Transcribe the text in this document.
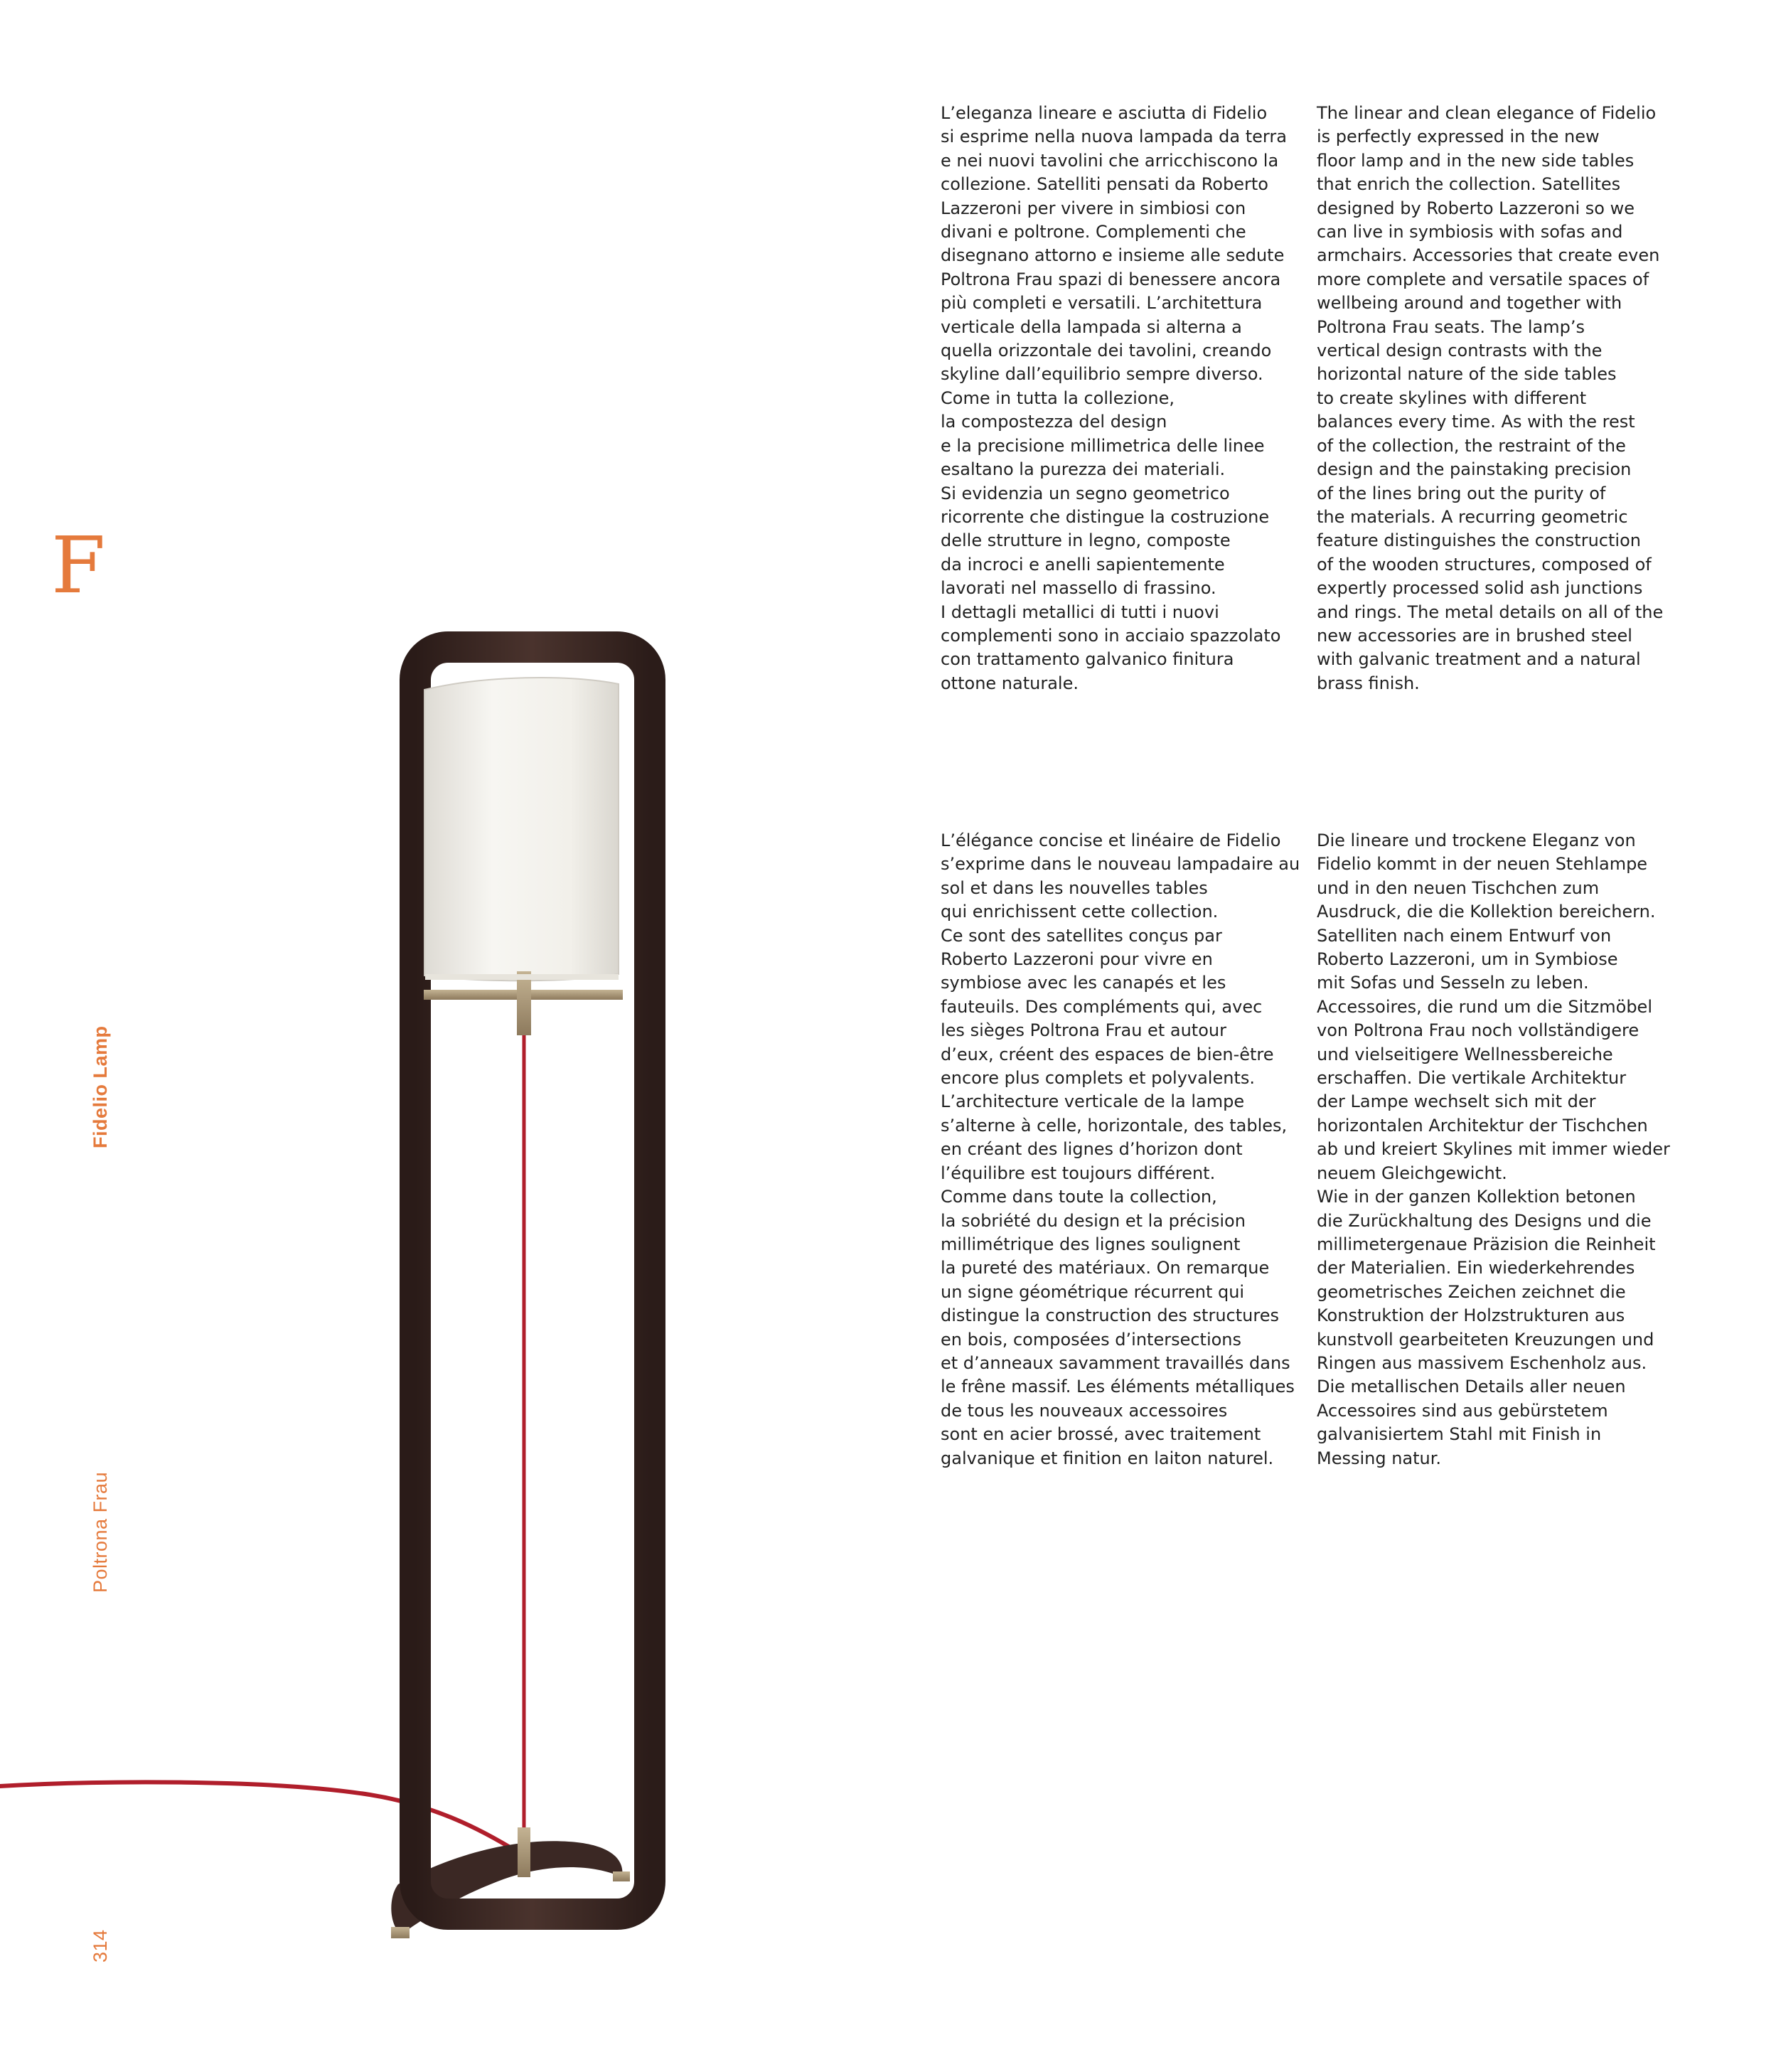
F
Fidelio Lamp
Poltrona Frau
314

L’eleganza lineare e asciutta di Fidelio
si esprime nella nuova lampada da terra
e nei nuovi tavolini che arricchiscono la
collezione. Satelliti pensati da Roberto
Lazzeroni per vivere in simbiosi con
divani e poltrone. Complementi che
disegnano attorno e insieme alle sedute
Poltrona Frau spazi di benessere ancora
più completi e versatili. L’architettura
verticale della lampada si alterna a
quella orizzontale dei tavolini, creando
skyline dall’equilibrio sempre diverso.
Come in tutta la collezione,
la compostezza del design
e la precisione millimetrica delle linee
esaltano la purezza dei materiali.
Si evidenzia un segno geometrico
ricorrente che distingue la costruzione
delle strutture in legno, composte
da incroci e anelli sapientemente
lavorati nel massello di frassino.
I dettagli metallici di tutti i nuovi
complementi sono in acciaio spazzolato
con trattamento galvanico finitura
ottone naturale.

The linear and clean elegance of Fidelio
is perfectly expressed in the new
floor lamp and in the new side tables
that enrich the collection. Satellites
designed by Roberto Lazzeroni so we
can live in symbiosis with sofas and
armchairs. Accessories that create even
more complete and versatile spaces of
wellbeing around and together with
Poltrona Frau seats. The lamp’s
vertical design contrasts with the
horizontal nature of the side tables
to create skylines with different
balances every time. As with the rest
of the collection, the restraint of the
design and the painstaking precision
of the lines bring out the purity of
the materials. A recurring geometric
feature distinguishes the construction
of the wooden structures, composed of
expertly processed solid ash junctions
and rings. The metal details on all of the
new accessories are in brushed steel
with galvanic treatment and a natural
brass finish.

L’élégance concise et linéaire de Fidelio
s’exprime dans le nouveau lampadaire au
sol et dans les nouvelles tables
qui enrichissent cette collection.
Ce sont des satellites conçus par
Roberto Lazzeroni pour vivre en
symbiose avec les canapés et les
fauteuils. Des compléments qui, avec
les sièges Poltrona Frau et autour
d’eux, créent des espaces de bien-être
encore plus complets et polyvalents.
L’architecture verticale de la lampe
s’alterne à celle, horizontale, des tables,
en créant des lignes d’horizon dont
l’équilibre est toujours différent.
Comme dans toute la collection,
la sobriété du design et la précision
millimétrique des lignes soulignent
la pureté des matériaux. On remarque
un signe géométrique récurrent qui
distingue la construction des structures
en bois, composées d’intersections
et d’anneaux savamment travaillés dans
le frêne massif. Les éléments métalliques
de tous les nouveaux accessoires
sont en acier brossé, avec traitement
galvanique et finition en laiton naturel.

Die lineare und trockene Eleganz von
Fidelio kommt in der neuen Stehlampe
und in den neuen Tischchen zum
Ausdruck, die die Kollektion bereichern.
Satelliten nach einem Entwurf von
Roberto Lazzeroni, um in Symbiose
mit Sofas und Sesseln zu leben.
Accessoires, die rund um die Sitzmöbel
von Poltrona Frau noch vollständigere
und vielseitigere Wellnessbereiche
erschaffen. Die vertikale Architektur
der Lampe wechselt sich mit der
horizontalen Architektur der Tischchen
ab und kreiert Skylines mit immer wieder
neuem Gleichgewicht.
Wie in der ganzen Kollektion betonen
die Zurückhaltung des Designs und die
millimetergenaue Präzision die Reinheit
der Materialien. Ein wiederkehrendes
geometrisches Zeichen zeichnet die
Konstruktion der Holzstrukturen aus
kunstvoll gearbeiteten Kreuzungen und
Ringen aus massivem Eschenholz aus.
Die metallischen Details aller neuen
Accessoires sind aus gebürstetem
galvanisiertem Stahl mit Finish in
Messing natur.
